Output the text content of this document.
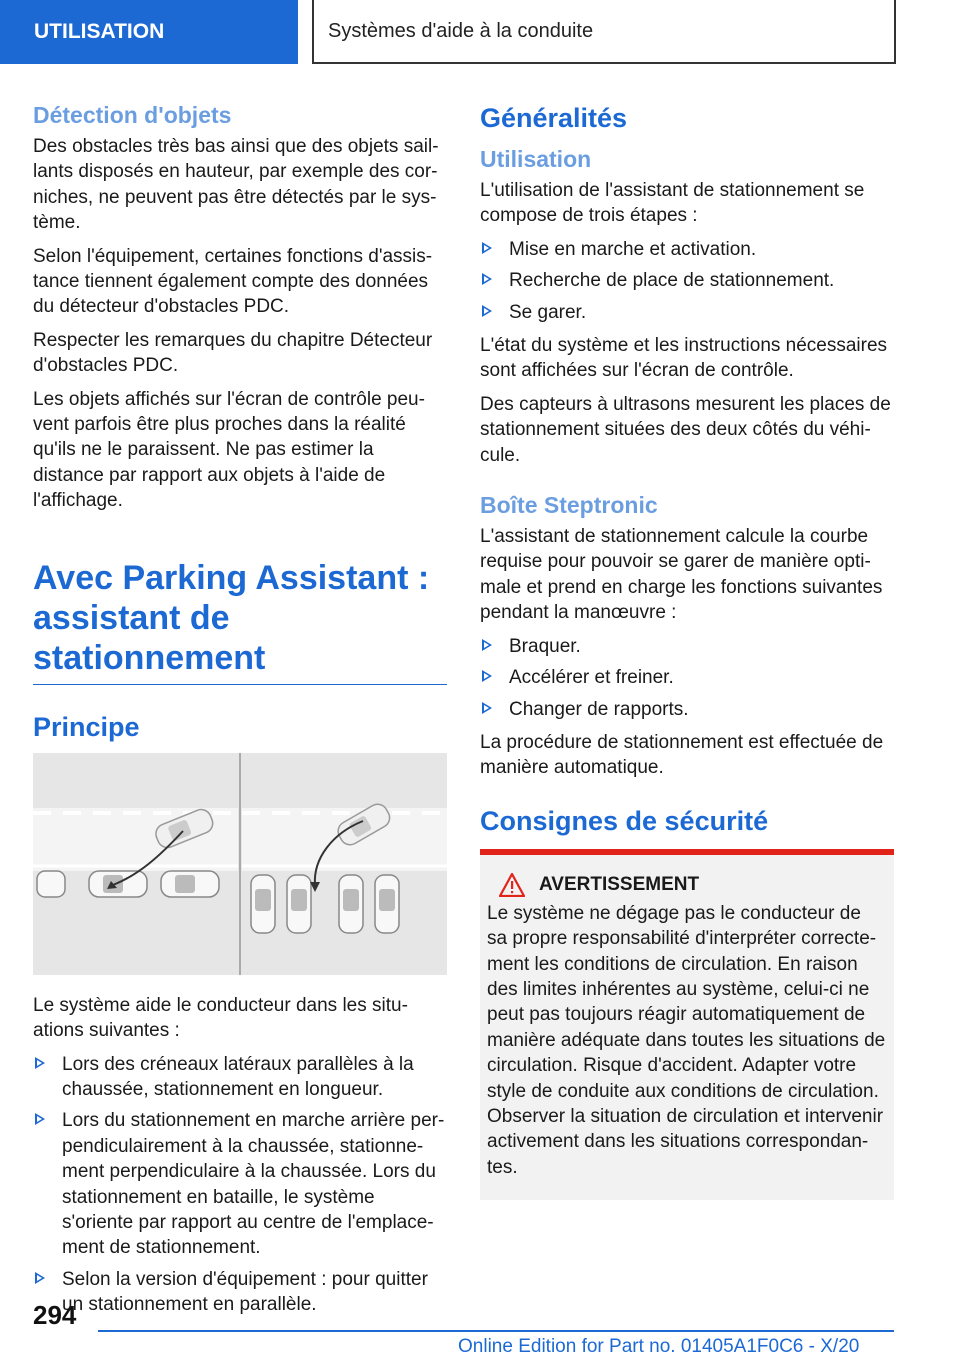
UTILISATION	Systèmes d'aide à la conduite
Détection d'objets

Des obstacles très bas ainsi que des objets sail-lants disposés en hauteur, par exemple des cor-niches, ne peuvent pas être détectés par le sys-tème.

Selon l'équipement, certaines fonctions d'assis-tance tiennent également compte des données du détecteur d'obstacles PDC.

Respecter les remarques du chapitre Détecteur d'obstacles PDC.

Les objets affichés sur l'écran de contrôle peu-vent parfois être plus proches dans la réalité qu'ils ne le paraissent. Ne pas estimer la distance par rapport aux objets à l'aide de l'affichage.

Avec Parking Assistant : assistant de stationnement
Principe

Le système aide le conducteur dans les situ-ations suivantes :

Lors des créneaux latéraux parallèles à la chaussée, stationnement en longueur.
Lors du stationnement en marche arrière per-pendiculairement à la chaussée, stationne-ment perpendiculaire à la chaussée. Lors du stationnement en bataille, le système s'oriente par rapport au centre de l'emplace-ment de stationnement.
Selon la version d'équipement : pour quitter un stationnement en parallèle.
Généralités
Utilisation

L'utilisation de l'assistant de stationnement se compose de trois étapes :

Mise en marche et activation.
Recherche de place de stationnement.
Se garer.

L'état du système et les instructions nécessaires sont affichées sur l'écran de contrôle.

Des capteurs à ultrasons mesurent les places de stationnement situées des deux côtés du véhi-cule.

Boîte Steptronic

L'assistant de stationnement calcule la courbe requise pour pouvoir se garer de manière opti-male et prend en charge les fonctions suivantes pendant la manœuvre :

Braquer.
Accélérer et freiner.
Changer de rapports.

La procédure de stationnement est effectuée de manière automatique.

Consignes de sécurité
AVERTISSEMENT

Le système ne dégage pas le conducteur de sa propre responsabilité d'interpréter correcte-ment les conditions de circulation. En raison des limites inhérentes au système, celui-ci ne peut pas toujours réagir automatiquement de manière adéquate dans toutes les situations de circulation. Risque d'accident. Adapter votre style de conduite aux conditions de circulation. Observer la situation de circulation et intervenir activement dans les situations correspondan-tes.

294
Online Edition for Part no. 01405A1F0C6 - X/20
